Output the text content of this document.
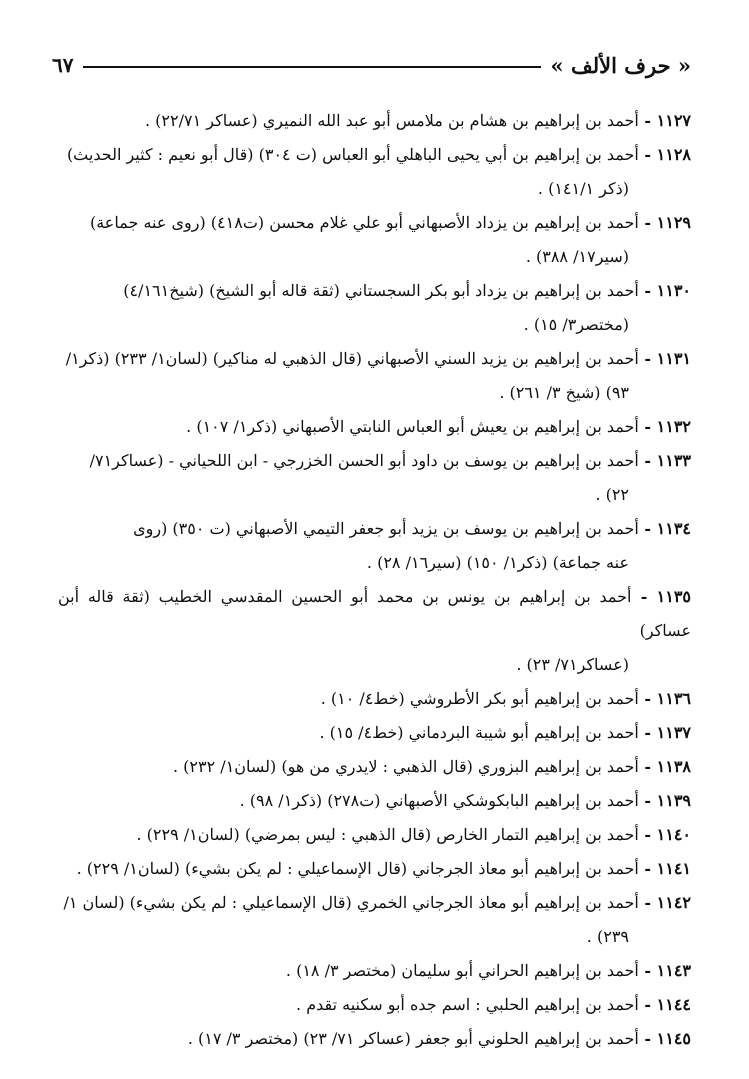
« حرف الألف »
٦٧
١١٢٧ - أحمد بن إبراهيم بن هشام بن ملامس أبو عبد الله النميري (عساكر ٢٢/٧١) .
١١٢٨ - أحمد بن إبراهيم بن أبي يحيى الباهلي أبو العباس (ت ٣٠٤) (قال أبو نعيم : كثير الحديث)
(ذكر ١٤١/١) .
١١٢٩ - أحمد بن إبراهيم بن يزداد الأصبهاني أبو علي غلام محسن (ت٤١٨) (روى عنه جماعة)
(سير١٧/ ٣٨٨) .
١١٣٠ - أحمد بن إبراهيم بن يزداد أبو بكر السجستاني (ثقة قاله أبو الشيخ) (شيخ٤/١٦١)
(مختصر٣/ ١٥) .
١١٣١ - أحمد بن إبراهيم بن يزيد السني الأصبهاني (قال الذهبي له مناكير) (لسان١/ ٢٣٣) (ذكر١/
٩٣) (شيخ ٣/ ٢٦١) .
١١٣٢ - أحمد بن إبراهيم بن يعيش أبو العباس النابتي الأصبهاني (ذكر١/ ١٠٧) .
١١٣٣ - أحمد بن إبراهيم بن يوسف بن داود أبو الحسن الخزرجي - ابن اللحياني - (عساكر٧١/
٢٢) .
١١٣٤ - أحمد بن إبراهيم بن يوسف بن يزيد أبو جعفر التيمي الأصبهاني (ت ٣٥٠) (روى
عنه جماعة) (ذكر١/ ١٥٠) (سير١٦/ ٢٨) .
١١٣٥ - أحمد بن إبراهيم بن يونس بن محمد أبو الحسين المقدسي الخطيب (ثقة قاله أبن عساكر)
(عساكر٧١/ ٢٣) .
١١٣٦ - أحمد بن إبراهيم أبو بكر الأطروشي (خط٤/ ١٠) .
١١٣٧ - أحمد بن إبراهيم أبو شيبة البردماني (خط٤/ ١٥) .
١١٣٨ - أحمد بن إبراهيم البزوري (قال الذهبي : لايدري من هو) (لسان١/ ٢٣٢) .
١١٣٩ - أحمد بن إبراهيم البابكوشكي الأصبهاني (ت٢٧٨) (ذكر١/ ٩٨) .
١١٤٠ - أحمد بن إبراهيم التمار الخارص (قال الذهبي : ليس بمرضي) (لسان١/ ٢٢٩) .
١١٤١ - أحمد بن إبراهيم أبو معاذ الجرجاني (قال الإسماعيلي : لم يكن بشيء) (لسان١/ ٢٢٩) .
١١٤٢ - أحمد بن إبراهيم أبو معاذ الجرجاني الخمري (قال الإسماعيلي : لم يكن بشيء) (لسان ١/
٢٣٩) .
١١٤٣ - أحمد بن إبراهيم الحراني أبو سليمان (مختصر ٣/ ١٨) .
١١٤٤ - أحمد بن إبراهيم الحلبي : اسم جده أبو سكنيه تقدم .
١١٤٥ - أحمد بن إبراهيم الحلوني أبو جعفر (عساكر ٧١/ ٢٣) (مختصر ٣/ ١٧) .
